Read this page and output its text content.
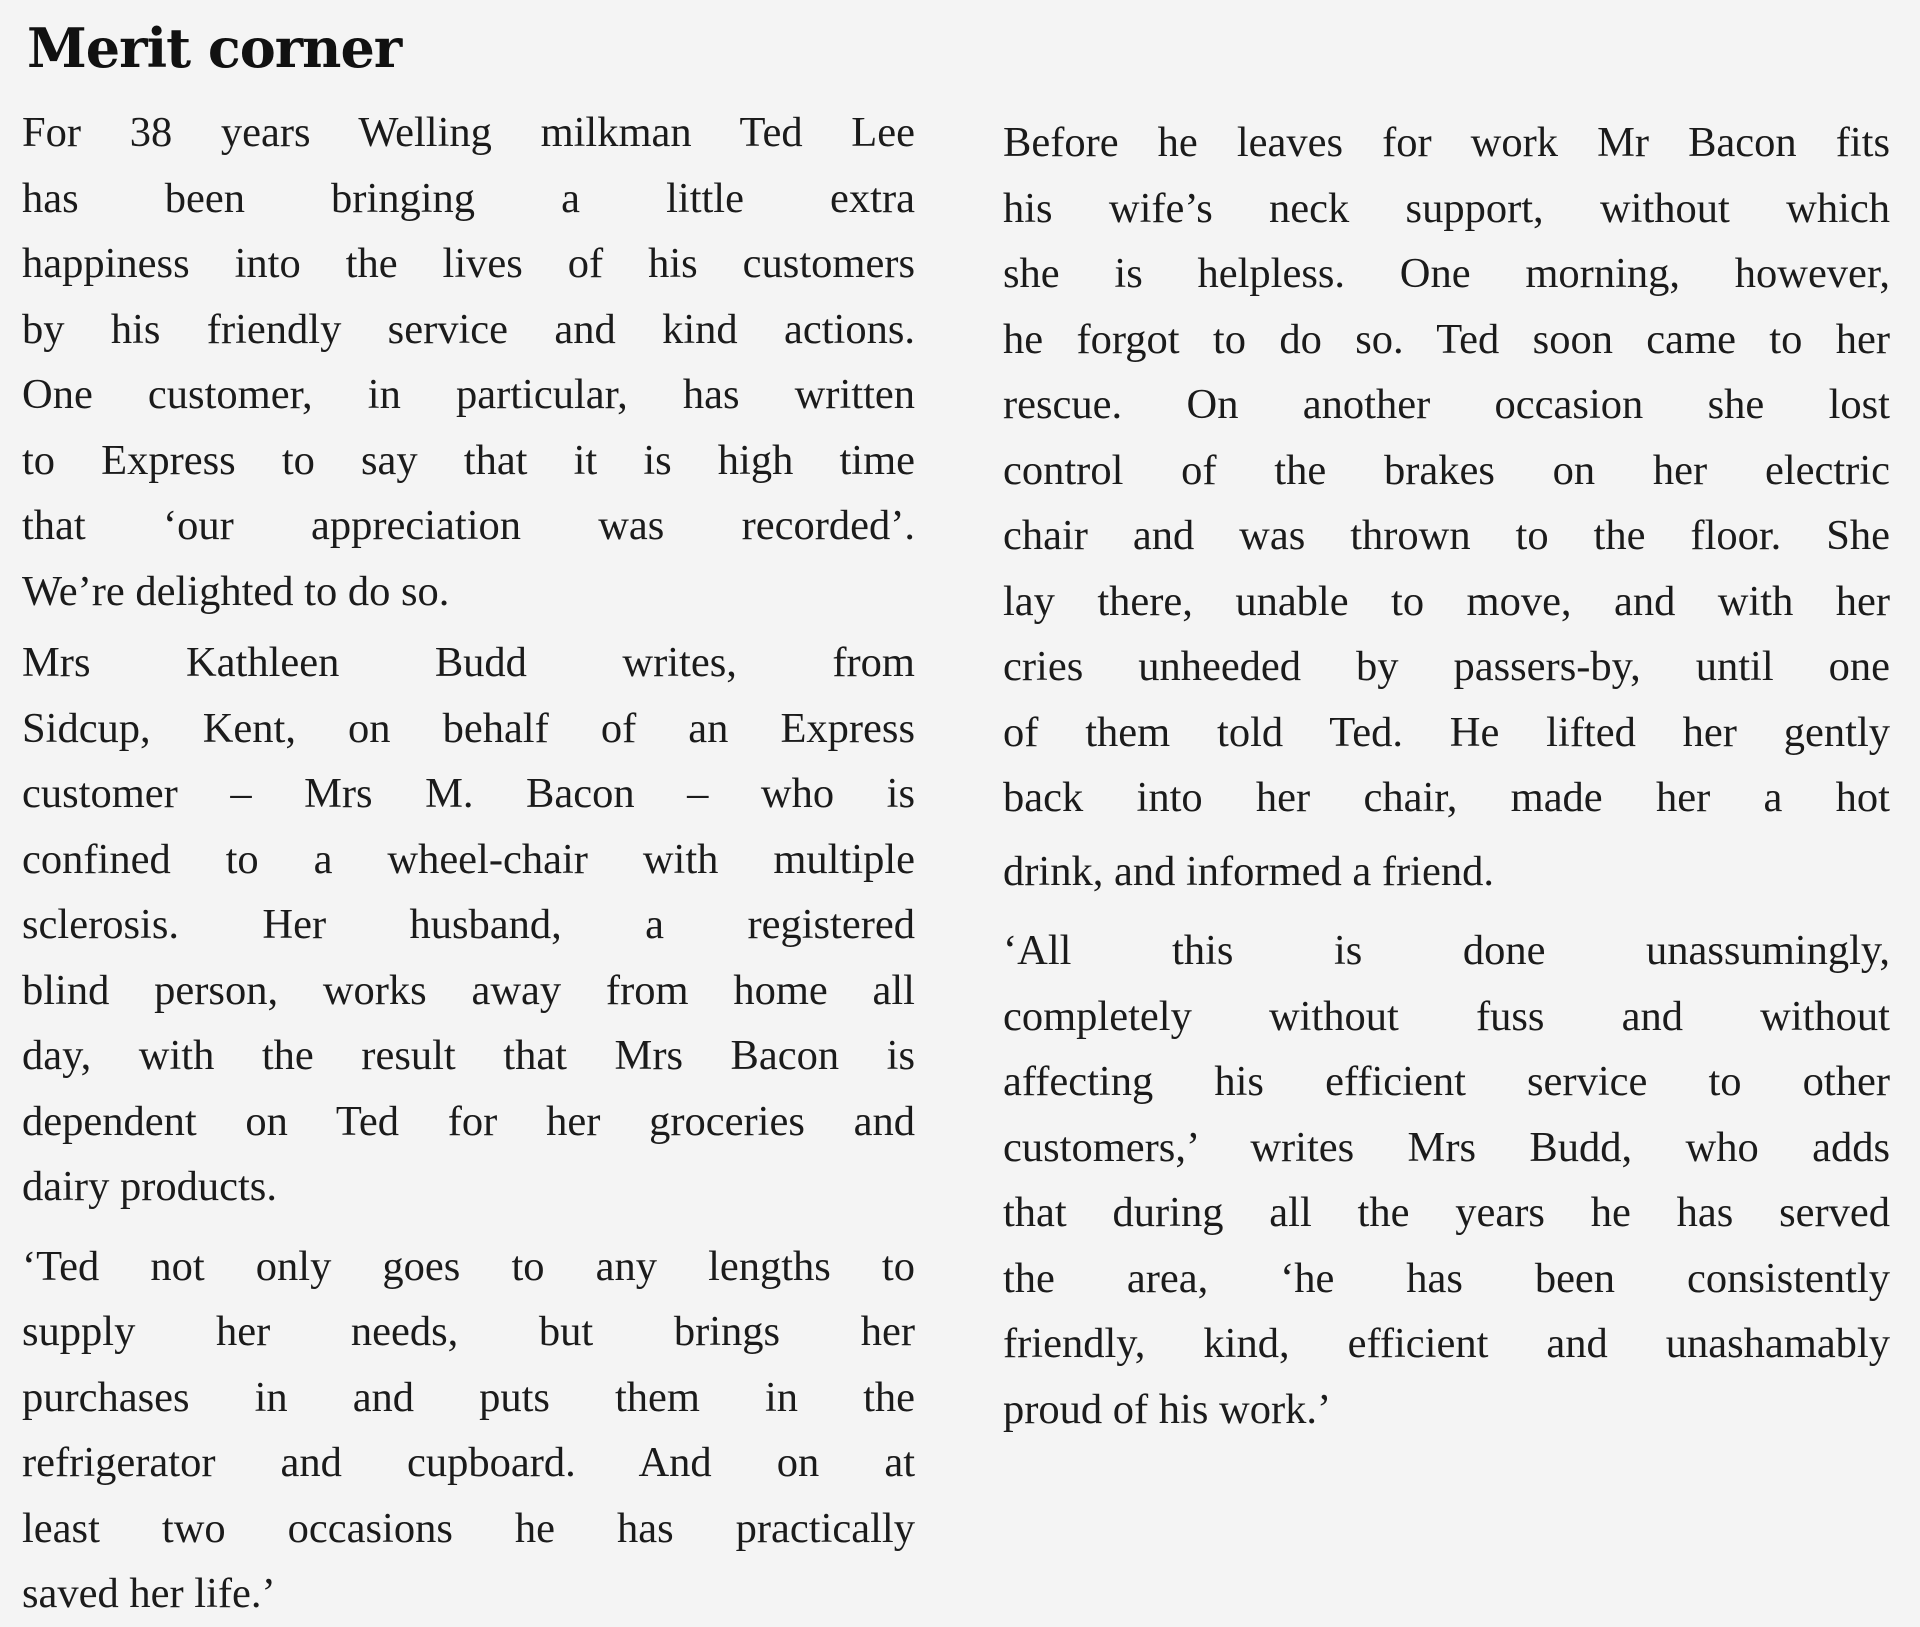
Merit corner

For 38 years Welling milkman Ted Lee
has been bringing a little extra
happiness into the lives of his customers
by his friendly service and kind actions.
One customer, in particular, has written
to Express to say that it is high time
that ‘our appreciation was recorded’.
We’re delighted to do so.

Mrs Kathleen Budd writes, from
Sidcup, Kent, on behalf of an Express
customer – Mrs M. Bacon – who is
confined to a wheel-chair with multiple
sclerosis. Her husband, a registered
blind person, works away from home all
day, with the result that Mrs Bacon is
dependent on Ted for her groceries and
dairy products.

‘Ted not only goes to any lengths to
supply her needs, but brings her
purchases in and puts them in the
refrigerator and cupboard. And on at
least two occasions he has practically
saved her life.’

Before he leaves for work Mr Bacon fits
his wife’s neck support, without which
she is helpless. One morning, however,
he forgot to do so. Ted soon came to her
rescue. On another occasion she lost
control of the brakes on her electric
chair and was thrown to the floor. She
lay there, unable to move, and with her
cries unheeded by passers-by, until one
of them told Ted. He lifted her gently
back into her chair, made her a hot
drink, and informed a friend.

‘All this is done unassumingly,
completely without fuss and without
affecting his efficient service to other
customers,’ writes Mrs Budd, who adds
that during all the years he has served
the area, ‘he has been consistently
friendly, kind, efficient and unashamably
proud of his work.’
